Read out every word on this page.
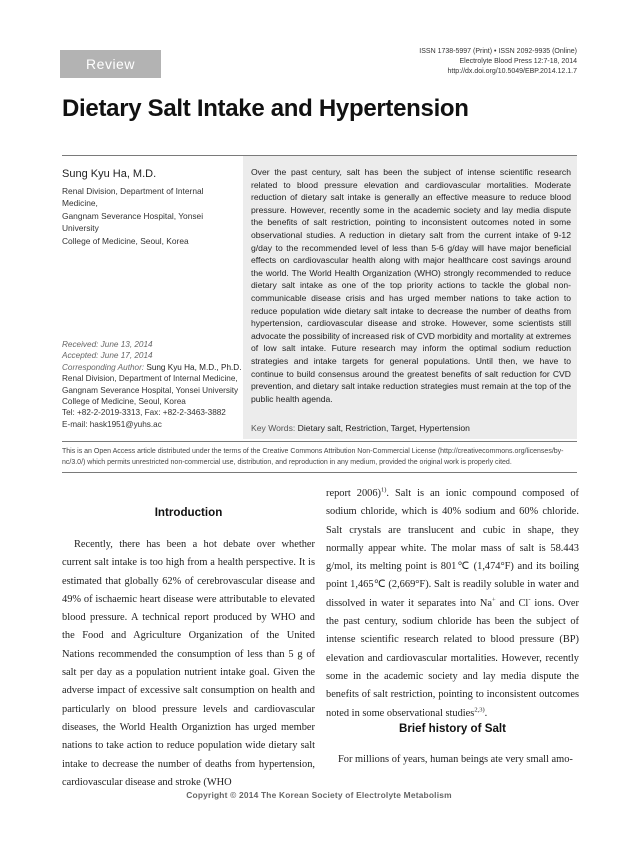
Review
ISSN 1738-5997 (Print) • ISSN 2092-9935 (Online)
Electrolyte Blood Press 12:7-18, 2014
http://dx.doi.org/10.5049/EBP.2014.12.1.7
Dietary Salt Intake and Hypertension
Sung Kyu Ha, M.D.
Renal Division, Department of Internal Medicine,
Gangnam Severance Hospital, Yonsei University
College of Medicine, Seoul, Korea
Received: June 13, 2014
Accepted: June 17, 2014
Corresponding Author: Sung Kyu Ha, M.D., Ph.D.
Renal Division, Department of Internal Medicine,
Gangnam Severance Hospital, Yonsei University
College of Medicine, Seoul, Korea
Tel: +82-2-2019-3313, Fax: +82-2-3463-3882
E-mail: hask1951@yuhs.ac
Over the past century, salt has been the subject of intense scientific research related to blood pressure elevation and cardiovascular mortalities. Moderate reduction of dietary salt intake is generally an effective measure to reduce blood pressure. However, recently some in the academic society and lay media dispute the benefits of salt restriction, pointing to inconsistent outcomes noted in some observational studies. A reduction in dietary salt from the current intake of 9-12 g/day to the recommended level of less than 5-6 g/day will have major beneficial effects on cardiovascular health along with major healthcare cost savings around the world. The World Health Organization (WHO) strongly recommended to reduce dietary salt intake as one of the top priority actions to tackle the global non-communicable disease crisis and has urged member nations to take action to reduce population wide dietary salt intake to decrease the number of deaths from hypertension, cardiovascular disease and stroke. However, some scientists still advocate the possibility of increased risk of CVD morbidity and mortality at extremes of low salt intake. Future research may inform the optimal sodium reduction strategies and intake targets for general populations. Until then, we have to continue to build consensus around the greatest benefits of salt reduction for CVD prevention, and dietary salt intake reduction strategies must remain at the top of the public health agenda.
Key Words: Dietary salt, Restriction, Target, Hypertension
This is an Open Access article distributed under the terms of the Creative Commons Attribution Non-Commercial License (http://creativecommons.org/licenses/by-nc/3.0/) which permits unrestricted non-commercial use, distribution, and reproduction in any medium, provided the original work is properly cited.
Introduction
Recently, there has been a hot debate over whether current salt intake is too high from a health perspective. It is estimated that globally 62% of cerebrovascular disease and 49% of ischaemic heart disease were attributable to elevated blood pressure. A technical report produced by WHO and the Food and Agriculture Organization of the United Nations recommended the consumption of less than 5 g of salt per day as a population nutrient intake goal. Given the adverse impact of excessive salt consumption on health and particularly on blood pressure levels and cardiovascular diseases, the World Health Organiztion has urged member nations to take action to reduce population wide dietary salt intake to decrease the number of deaths from hypertension, cardiovascular disease and stroke (WHO
report 2006)$^{1)}$. Salt is an ionic compound composed of sodium chloride, which is 40% sodium and 60% chloride. Salt crystals are translucent and cubic in shape, they normally appear white. The molar mass of salt is 58.443 g/mol, its melting point is 801℃ (1,474°F) and its boiling point 1,465℃ (2,669°F). Salt is readily soluble in water and dissolved in water it separates into Na+ and Cl- ions. Over the past century, sodium chloride has been the subject of intense scientific research related to blood pressure (BP) elevation and cardiovascular mortalities. However, recently some in the academic society and lay media dispute the benefits of salt restriction, pointing to inconsistent outcomes noted in some observational studies$^{2,3)}$.
Brief history of Salt
For millions of years, human beings ate very small amo-
Copyright © 2014 The Korean Society of Electrolyte Metabolism
